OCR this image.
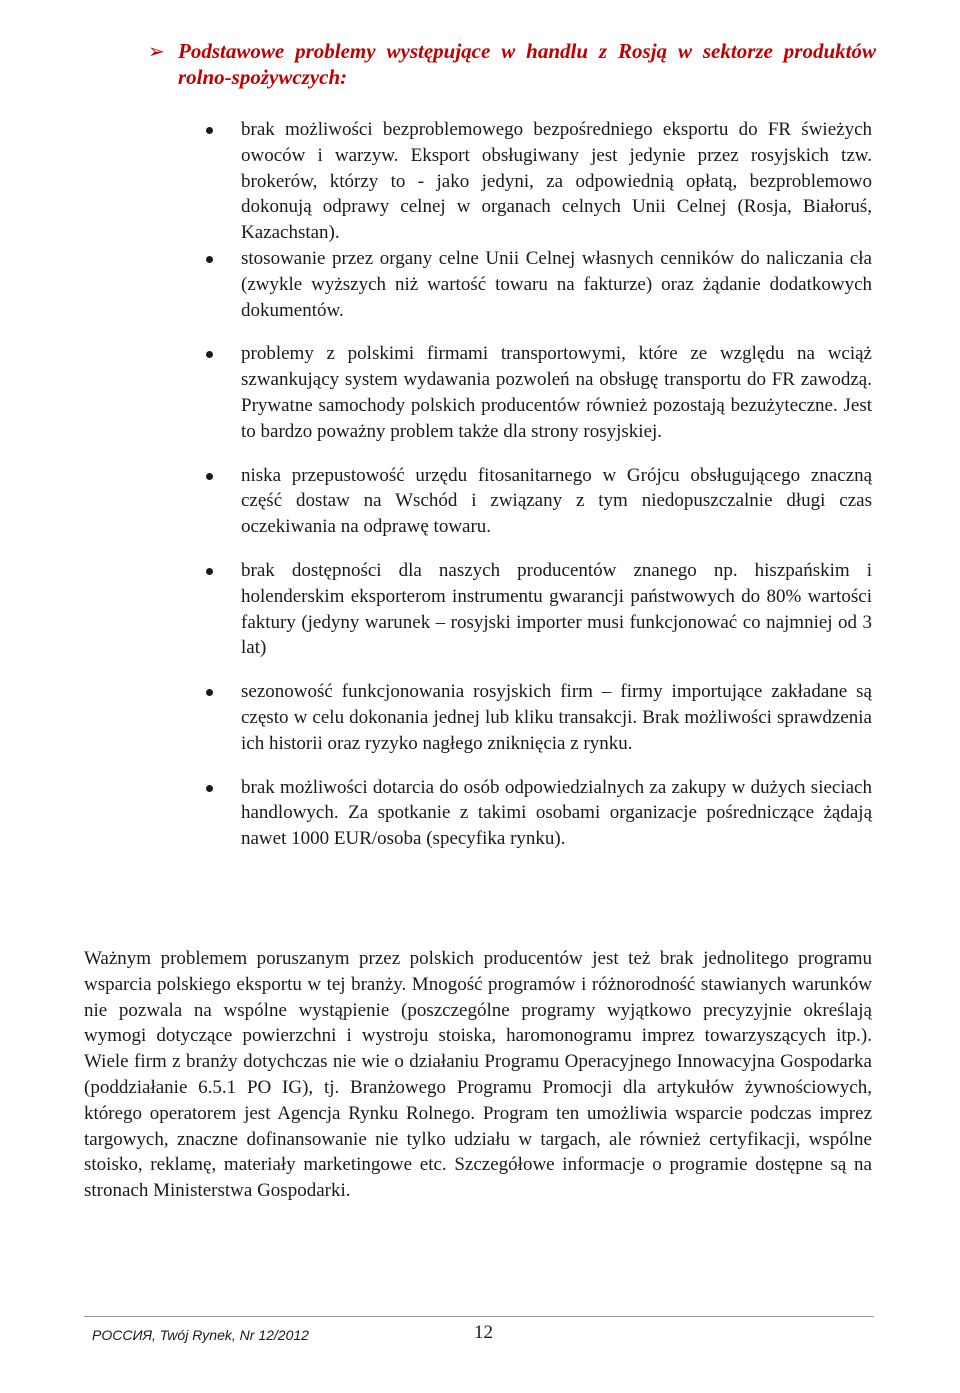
➢ Podstawowe problemy występujące w handlu z Rosją w sektorze produktów rolno-spożywczych:
brak możliwości bezproblemowego bezpośredniego eksportu do FR świeżych owoców i warzyw. Eksport obsługiwany jest jedynie przez rosyjskich tzw. brokerów, którzy to - jako jedyni, za odpowiednią opłatą, bezproblemowo dokonują odprawy celnej w organach celnych Unii Celnej (Rosja, Białoruś, Kazachstan).
stosowanie przez organy celne Unii Celnej własnych cenników do naliczania cła (zwykle wyższych niż wartość towaru na fakturze) oraz żądanie dodatkowych dokumentów.
problemy z polskimi firmami transportowymi, które ze względu na wciąż szwankujący system wydawania pozwoleń na obsługę transportu do FR zawodzą. Prywatne samochody polskich producentów również pozostają bezużyteczne. Jest to bardzo poważny problem także dla strony rosyjskiej.
niska przepustowość urzędu fitosanitarnego w Grójcu obsługującego znaczną część dostaw na Wschód i związany z tym niedopuszczalnie długi czas oczekiwania na odprawę towaru.
brak dostępności dla naszych producentów znanego np. hiszpańskim i holenderskim eksporterom instrumentu gwarancji państwowych do 80% wartości faktury (jedyny warunek – rosyjski importer musi funkcjonować co najmniej od 3 lat)
sezonowość funkcjonowania rosyjskich firm – firmy importujące zakładane są często w celu dokonania jednej lub kliku transakcji. Brak możliwości sprawdzenia ich historii oraz ryzyko nagłego zniknięcia z rynku.
brak możliwości dotarcia do osób odpowiedzialnych za zakupy w dużych sieciach handlowych. Za spotkanie z takimi osobami organizacje pośredniczące żądają nawet 1000 EUR/osoba (specyfika rynku).

Ważnym problemem poruszanym przez polskich producentów jest też brak jednolitego programu wsparcia polskiego eksportu w tej branży. Mnogość programów i różnorodność stawianych warunków nie pozwala na wspólne wystąpienie (poszczególne programy wyjątkowo precyzyjnie określają wymogi dotyczące powierzchni i wystroju stoiska, haromonogramu imprez towarzyszących itp.). Wiele firm z branży dotychczas nie wie o działaniu Programu Operacyjnego Innowacyjna Gospodarka (poddziałanie 6.5.1 PO IG), tj. Branżowego Programu Promocji dla artykułów żywnościowych, którego operatorem jest Agencja Rynku Rolnego. Program ten umożliwia wsparcie podczas imprez targowych, znaczne dofinansowanie nie tylko udziału w targach, ale również certyfikacji, wspólne stoisko, reklamę, materiały marketingowe etc. Szczegółowe informacje o programie dostępne są na stronach Ministerstwa Gospodarki.

РОССИЯ, Twój Rynek, Nr 12/2012	12
